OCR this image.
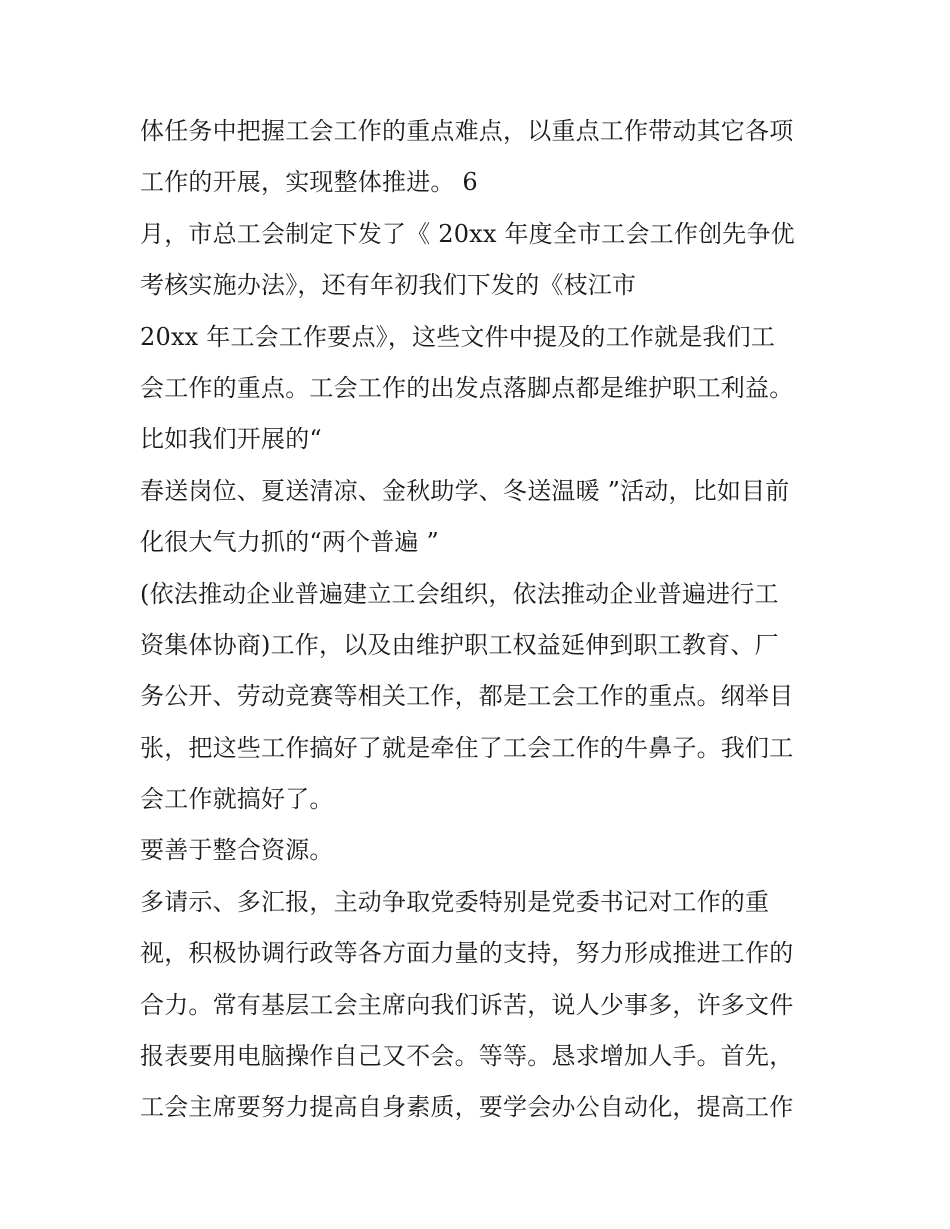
体任务中把握工会工作的重点难点，以重点工作带动其它各项
工作的开展，实现整体推进。 6
月，市总工会制定下发了《 20xx 年度全市工会工作创先争优
考核实施办法》，还有年初我们下发的《枝江市
20xx 年工会工作要点》，这些文件中提及的工作就是我们工
会工作的重点。工会工作的出发点落脚点都是维护职工利益。
比如我们开展的“
春送岗位、夏送清凉、金秋助学、冬送温暖 ”活动，比如目前
化很大气力抓的“两个普遍 ”
(依法推动企业普遍建立工会组织，依法推动企业普遍进行工
资集体协商)工作，以及由维护职工权益延伸到职工教育、厂
务公开、劳动竞赛等相关工作，都是工会工作的重点。纲举目
张，把这些工作搞好了就是牵住了工会工作的牛鼻子。我们工
会工作就搞好了。
要善于整合资源。
多请示、多汇报，主动争取党委特别是党委书记对工作的重
视，积极协调行政等各方面力量的支持，努力形成推进工作的
合力。常有基层工会主席向我们诉苦，说人少事多，许多文件
报表要用电脑操作自己又不会。等等。恳求增加人手。首先，
工会主席要努力提高自身素质，要学会办公自动化，提高工作
